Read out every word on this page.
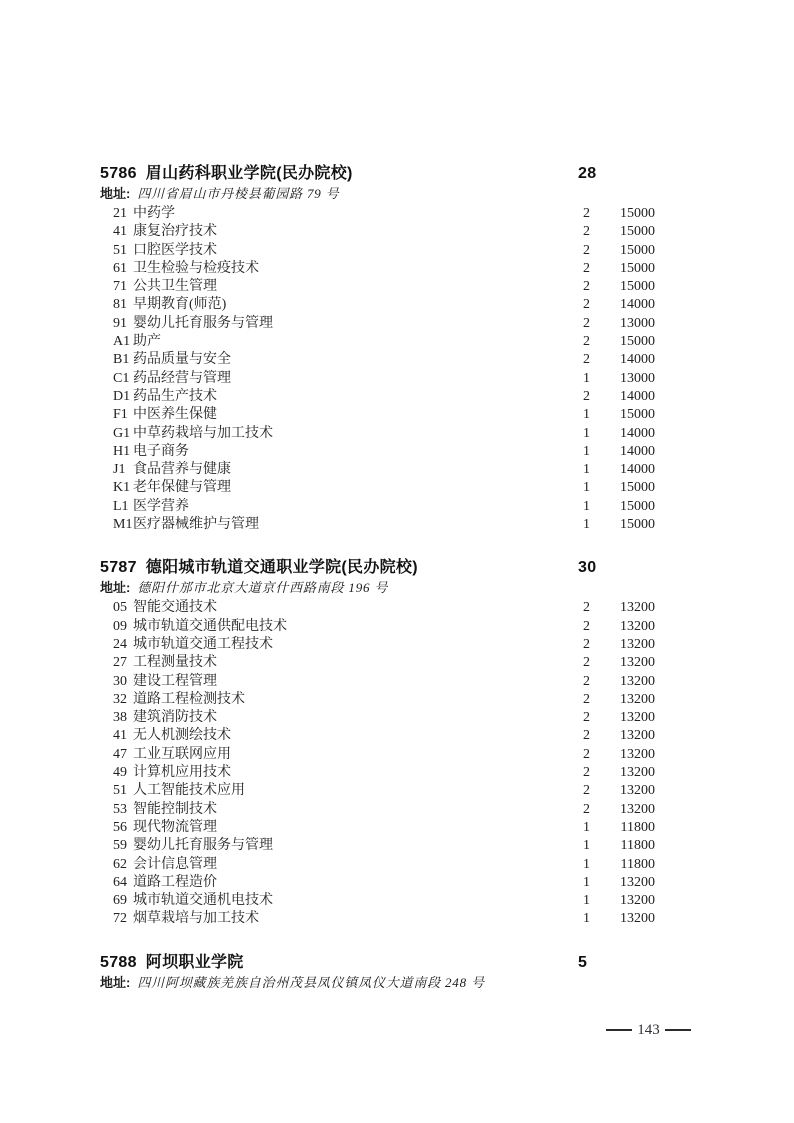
5786 眉山药科职业学院(民办院校)	28
地址: 四川省眉山市丹棱县葡园路 79 号
21 中药学	2	15000
41 康复治疗技术	2	15000
51 口腔医学技术	2	15000
61 卫生检验与检疫技术	2	15000
71 公共卫生管理	2	15000
81 早期教育(师范)	2	14000
91 婴幼儿托育服务与管理	2	13000
A1 助产	2	15000
B1 药品质量与安全	2	14000
C1 药品经营与管理	1	13000
D1 药品生产技术	2	14000
F1 中医养生保健	1	15000
G1 中草药栽培与加工技术	1	14000
H1 电子商务	1	14000
J1 食品营养与健康	1	14000
K1 老年保健与管理	1	15000
L1 医学营养	1	15000
M1 医疗器械维护与管理	1	15000
5787 德阳城市轨道交通职业学院(民办院校)	30
地址: 德阳什邡市北京大道京什西路南段 196 号
05 智能交通技术	2	13200
09 城市轨道交通供配电技术	2	13200
24 城市轨道交通工程技术	2	13200
27 工程测量技术	2	13200
30 建设工程管理	2	13200
32 道路工程检测技术	2	13200
38 建筑消防技术	2	13200
41 无人机测绘技术	2	13200
47 工业互联网应用	2	13200
49 计算机应用技术	2	13200
51 人工智能技术应用	2	13200
53 智能控制技术	2	13200
56 现代物流管理	1	11800
59 婴幼儿托育服务与管理	1	11800
62 会计信息管理	1	11800
64 道路工程造价	1	13200
69 城市轨道交通机电技术	1	13200
72 烟草栽培与加工技术	1	13200
5788 阿坝职业学院	5
地址: 四川阿坝藏族羌族自治州茂县凤仪镇凤仪大道南段 248 号
143
